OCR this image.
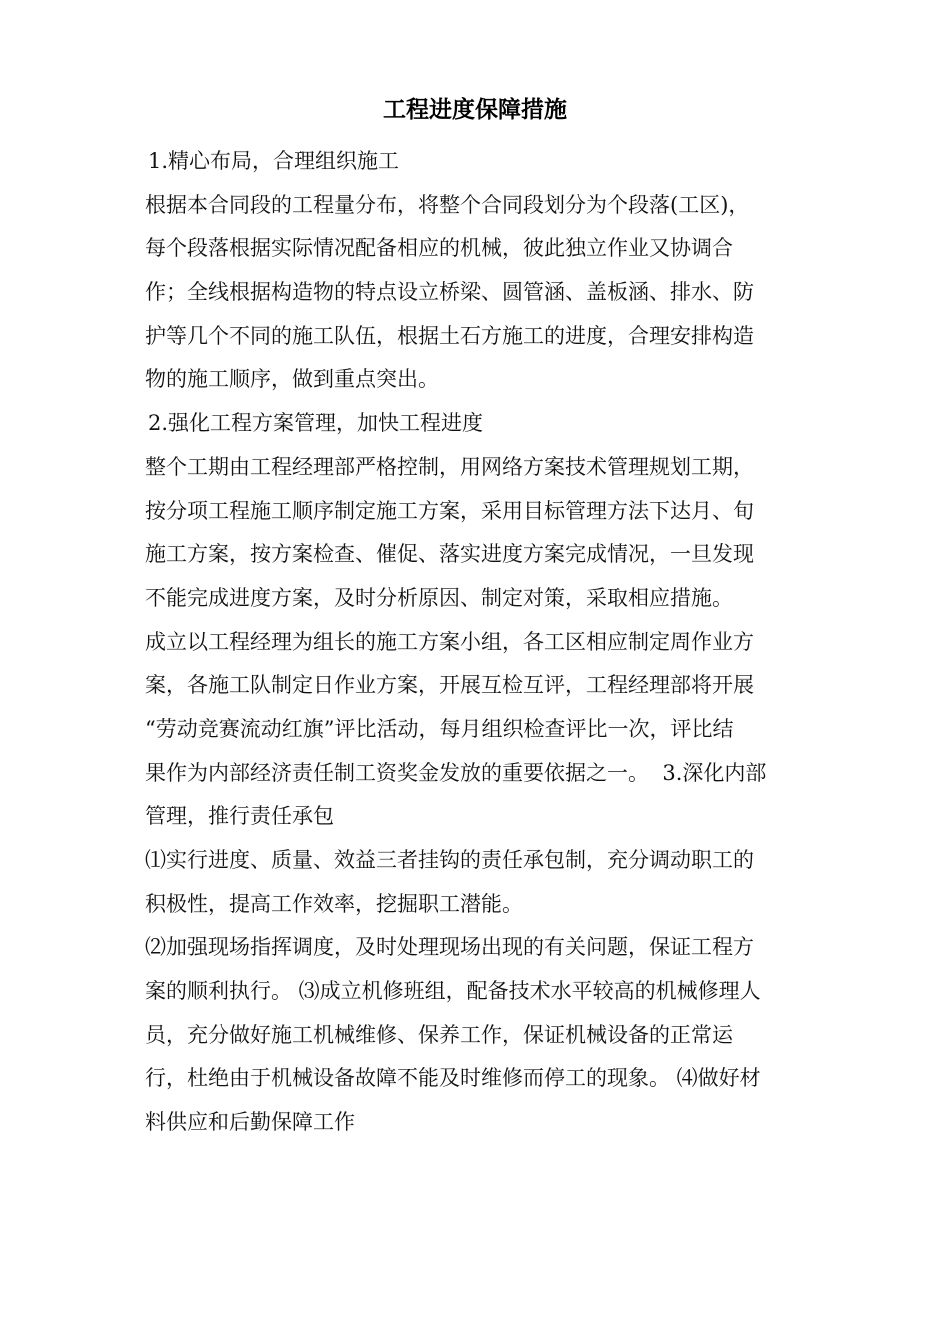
工程进度保障措施
1.精心布局，合理组织施工
根据本合同段的工程量分布，将整个合同段划分为个段落(工区)，
每个段落根据实际情况配备相应的机械，彼此独立作业又协调合
作；全线根据构造物的特点设立桥梁、圆管涵、盖板涵、排水、防
护等几个不同的施工队伍，根据土石方施工的进度，合理安排构造
物的施工顺序，做到重点突出。
2.强化工程方案管理，加快工程进度
整个工期由工程经理部严格控制，用网络方案技术管理规划工期，
按分项工程施工顺序制定施工方案，采用目标管理方法下达月、旬
施工方案，按方案检查、催促、落实进度方案完成情况，一旦发现
不能完成进度方案，及时分析原因、制定对策，采取相应措施。
成立以工程经理为组长的施工方案小组，各工区相应制定周作业方
案，各施工队制定日作业方案，开展互检互评，工程经理部将开展
“劳动竞赛流动红旗”评比活动，每月组织检查评比一次，评比结
果作为内部经济责任制工资奖金发放的重要依据之一。  3.深化内部
管理，推行责任承包
⑴实行进度、质量、效益三者挂钩的责任承包制，充分调动职工的
积极性，提高工作效率，挖掘职工潜能。
⑵加强现场指挥调度，及时处理现场出现的有关问题，保证工程方
案的顺利执行。 ⑶成立机修班组，配备技术水平较高的机械修理人
员，充分做好施工机械维修、保养工作，保证机械设备的正常运
行，杜绝由于机械设备故障不能及时维修而停工的现象。 ⑷做好材
料供应和后勤保障工作
